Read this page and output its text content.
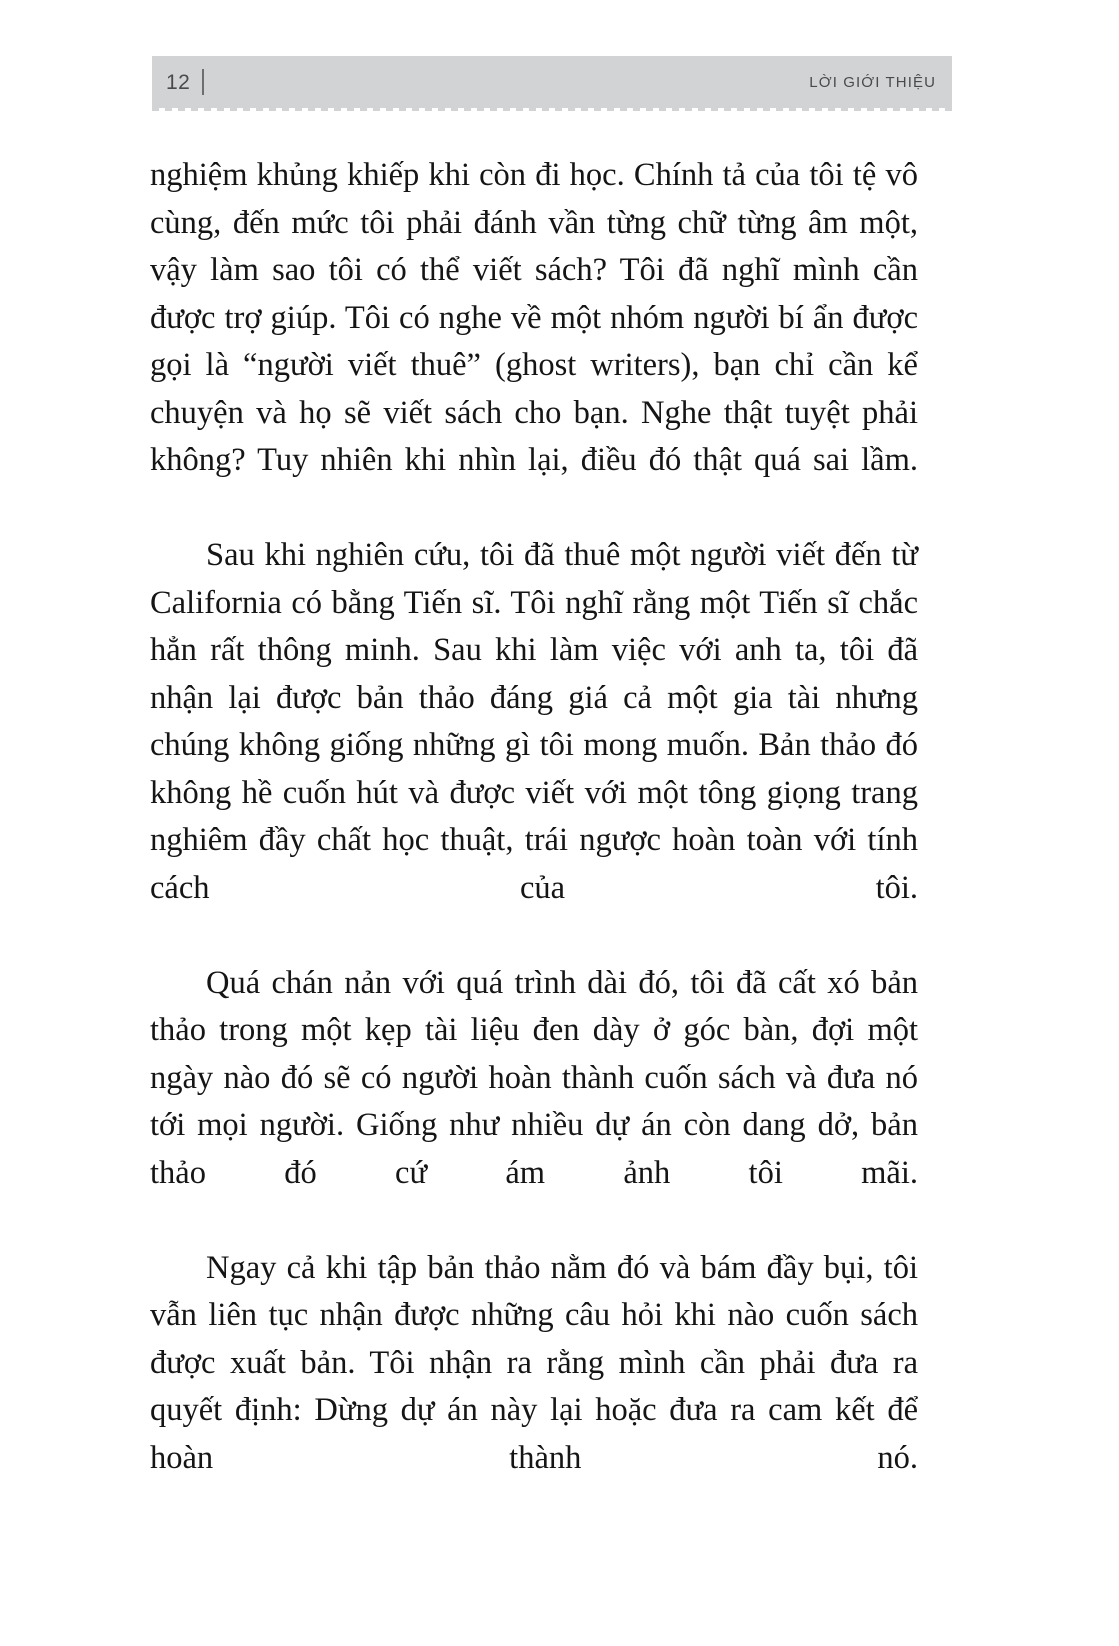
12	LỜI GIỚI THIỆU

nghiệm khủng khiếp khi còn đi học. Chính tả của tôi tệ vô cùng, đến mức tôi phải đánh vần từng chữ từng âm một, vậy làm sao tôi có thể viết sách? Tôi đã nghĩ mình cần được trợ giúp. Tôi có nghe về một nhóm người bí ẩn được gọi là “người viết thuê” (ghost writers), bạn chỉ cần kể chuyện và họ sẽ viết sách cho bạn. Nghe thật tuyệt phải không? Tuy nhiên khi nhìn lại, điều đó thật quá sai lầm.

Sau khi nghiên cứu, tôi đã thuê một người viết đến từ California có bằng Tiến sĩ. Tôi nghĩ rằng một Tiến sĩ chắc hẳn rất thông minh. Sau khi làm việc với anh ta, tôi đã nhận lại được bản thảo đáng giá cả một gia tài nhưng chúng không giống những gì tôi mong muốn. Bản thảo đó không hề cuốn hút và được viết với một tông giọng trang nghiêm đầy chất học thuật, trái ngược hoàn toàn với tính cách của tôi.

Quá chán nản với quá trình dài đó, tôi đã cất xó bản thảo trong một kẹp tài liệu đen dày ở góc bàn, đợi một ngày nào đó sẽ có người hoàn thành cuốn sách và đưa nó tới mọi người. Giống như nhiều dự án còn dang dở, bản thảo đó cứ ám ảnh tôi mãi.

Ngay cả khi tập bản thảo nằm đó và bám đầy bụi, tôi vẫn liên tục nhận được những câu hỏi khi nào cuốn sách được xuất bản. Tôi nhận ra rằng mình cần phải đưa ra quyết định: Dừng dự án này lại hoặc đưa ra cam kết để hoàn thành nó.
